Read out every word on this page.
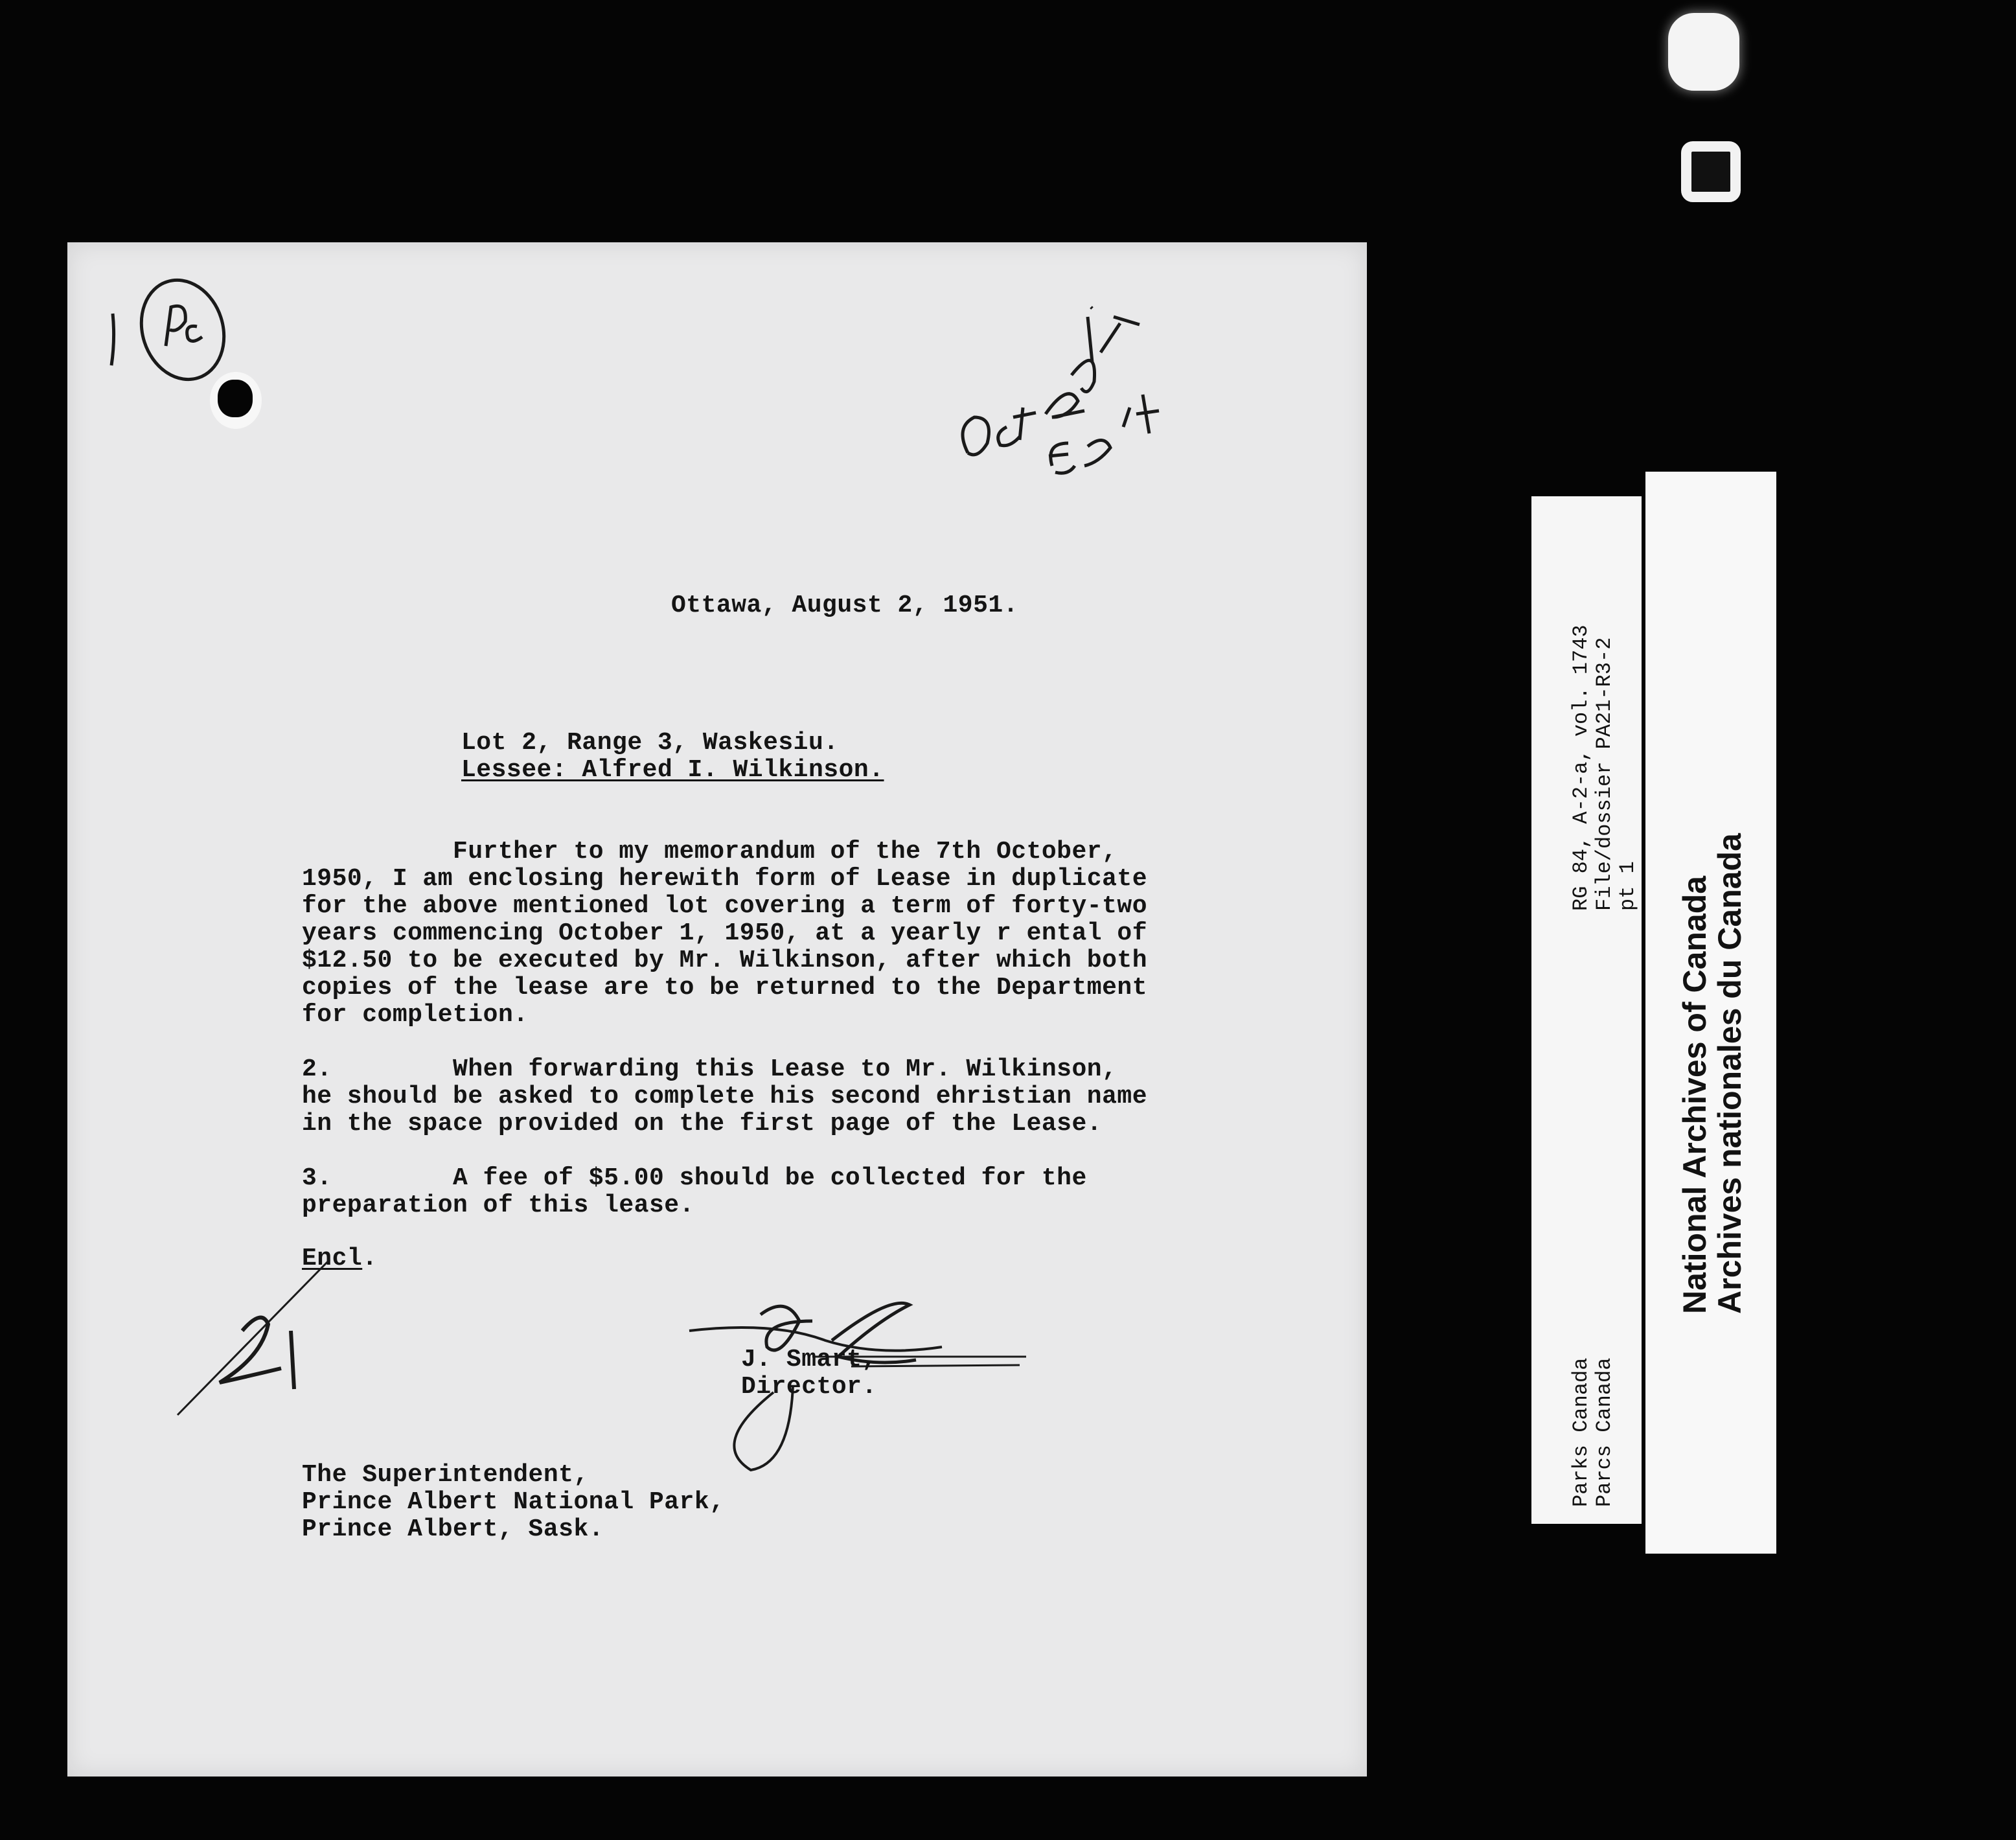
Ottawa, August 2, 1951.
Lot 2, Range 3, Waskesiu.
Lessee: Alfred I. Wilkinson.
Further to my memorandum of the 7th October,
1950, I am enclosing herewith form of Lease in duplicate
for the above mentioned lot covering a term of forty-two
years commencing October 1, 1950, at a yearly r ental of
$12.50 to be executed by Mr. Wilkinson, after which both
copies of the lease are to be returned to the Department
for completion.
2.        When forwarding this Lease to Mr. Wilkinson,
he should be asked to complete his second ehristian name
in the space provided on the first page of the Lease.
3.        A fee of $5.00 should be collected for the
preparation of this lease.
Encl.
J. Smart,
Director.
The Superintendent,
Prince Albert National Park,
Prince Albert, Sask.
RG 84, A-2-a, vol. 1743 File/dossier PA21-R3-2 pt 1
Parks Canada Parcs Canada
National Archives of Canada
Archives nationales du Canada
